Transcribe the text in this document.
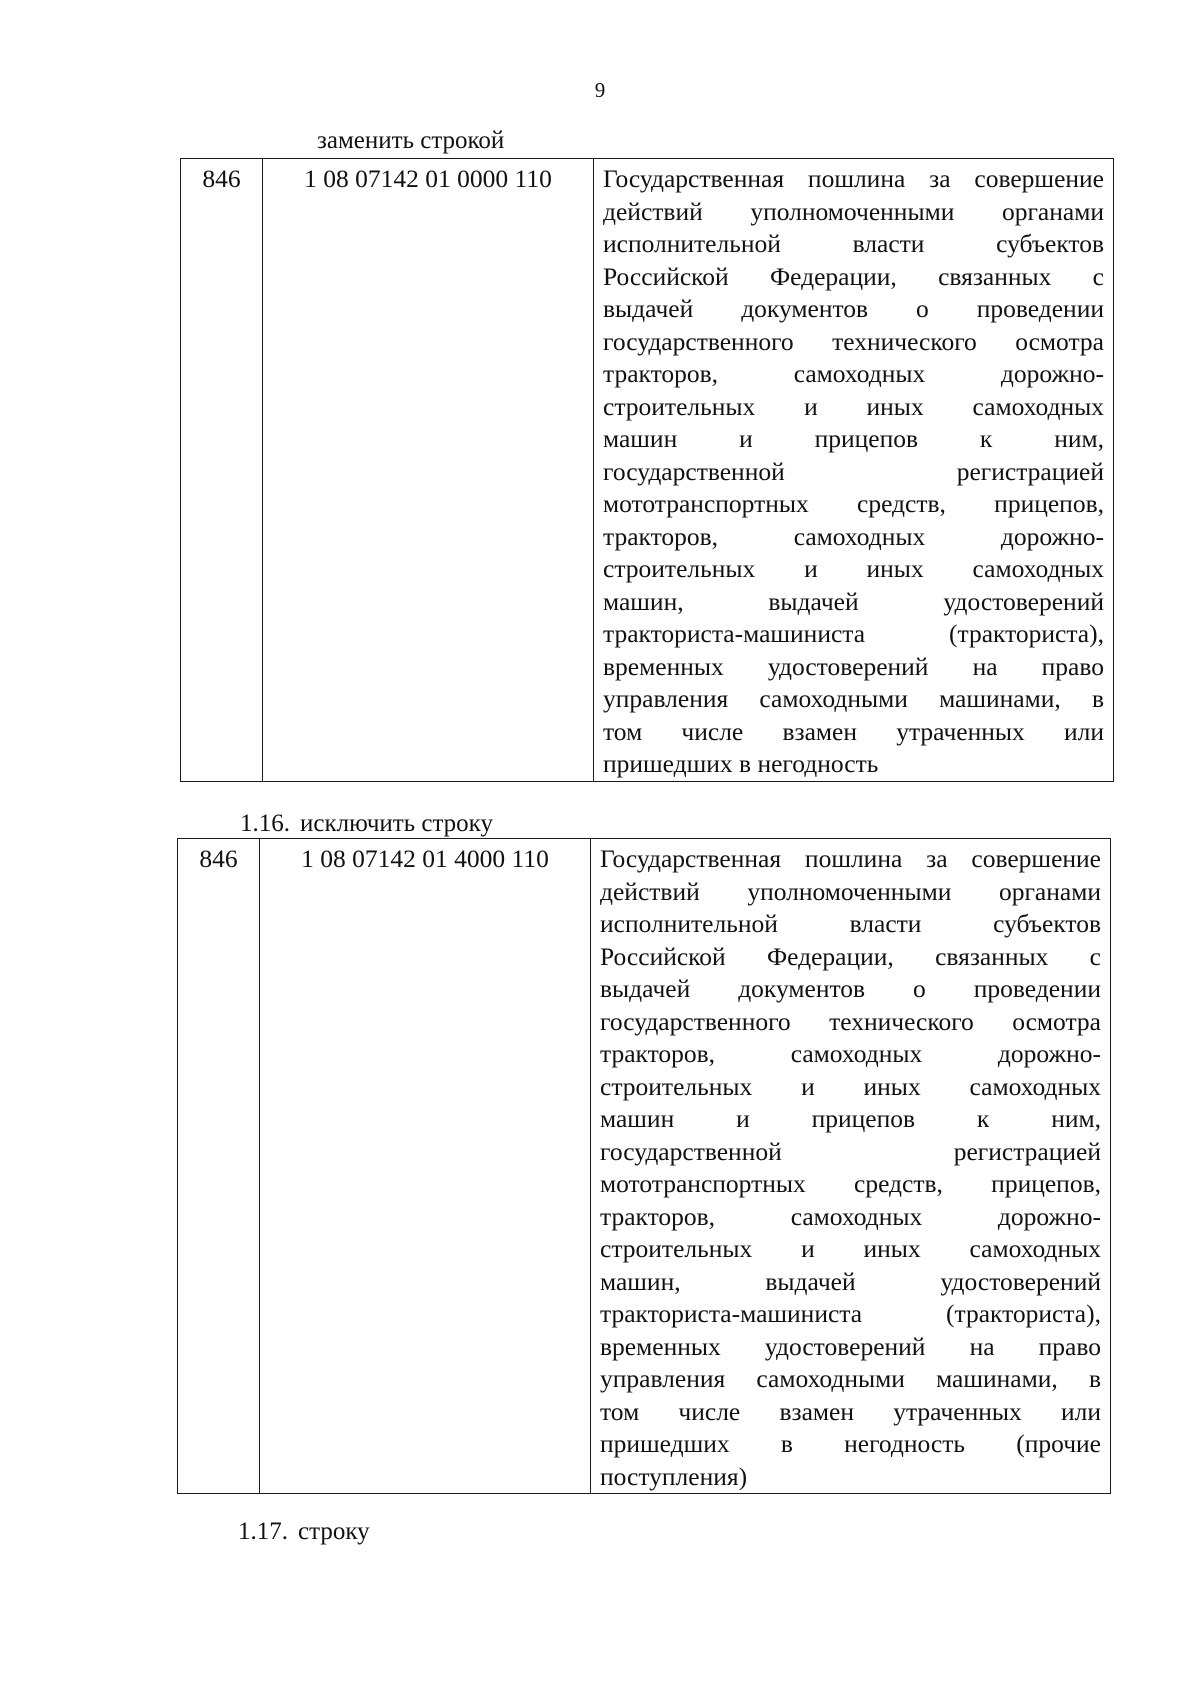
9
заменить строкой
846	1 08 07142 01 0000 110	Государственная пошлина за совершение
действий уполномоченными органами
исполнительной власти субъектов
Российской Федерации, связанных с
выдачей документов о проведении
государственного технического осмотра
тракторов, самоходных дорожно-
строительных и иных самоходных
машин и прицепов к ним,
государственной регистрацией
мототранспортных средств, прицепов,
тракторов, самоходных дорожно-
строительных и иных самоходных
машин, выдачей удостоверений
тракториста-машиниста (тракториста),
временных удостоверений на право
управления самоходными машинами, в
том числе взамен утраченных или
пришедших в негодность
1.16. исключить строку
846	1 08 07142 01 4000 110	Государственная пошлина за совершение
действий уполномоченными органами
исполнительной власти субъектов
Российской Федерации, связанных с
выдачей документов о проведении
государственного технического осмотра
тракторов, самоходных дорожно-
строительных и иных самоходных
машин и прицепов к ним,
государственной регистрацией
мототранспортных средств, прицепов,
тракторов, самоходных дорожно-
строительных и иных самоходных
машин, выдачей удостоверений
тракториста-машиниста (тракториста),
временных удостоверений на право
управления самоходными машинами, в
том числе взамен утраченных или
пришедших в негодность (прочие
поступления)
1.17. строку
